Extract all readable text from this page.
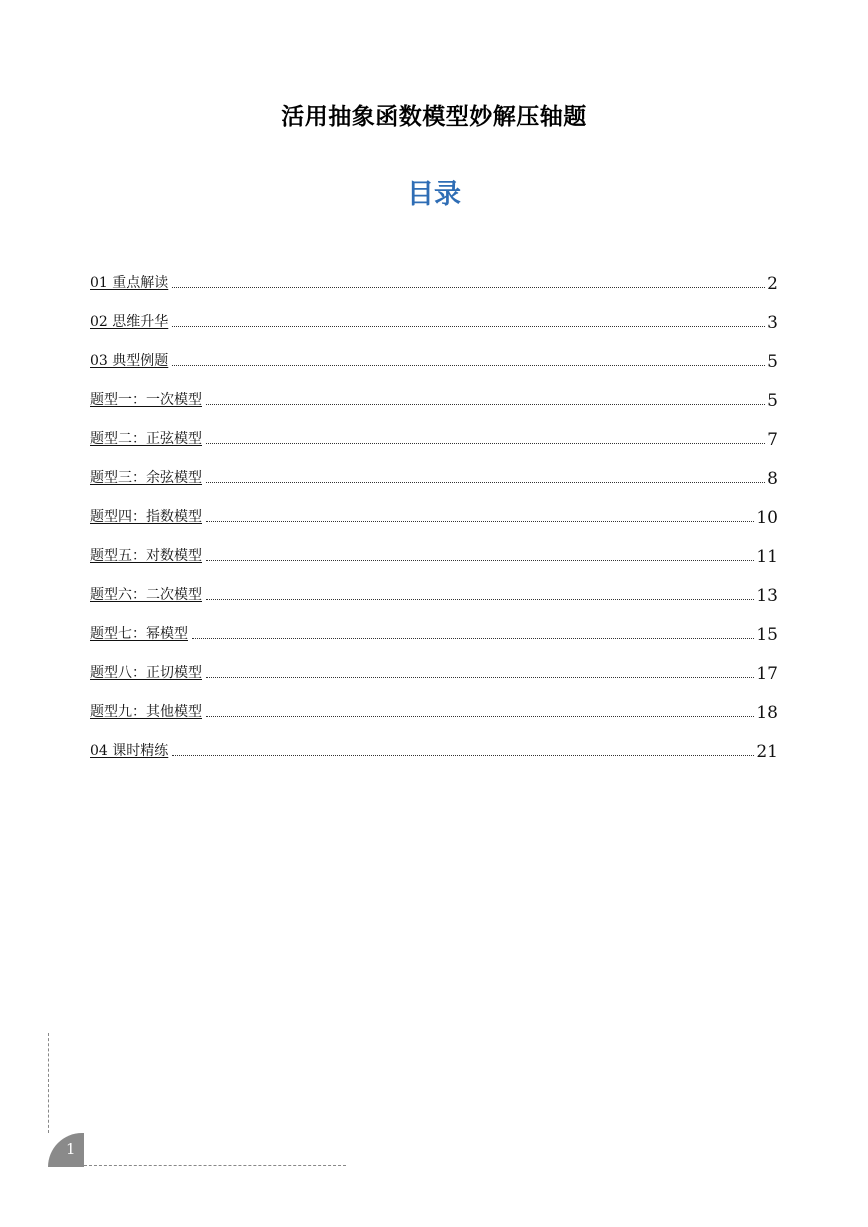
活用抽象函数模型妙解压轴题
目录
01 重点解读	2
02 思维升华	3
03 典型例题	5
题型一：一次模型	5
题型二：正弦模型	7
题型三：余弦模型	8
题型四：指数模型	10
题型五：对数模型	11
题型六：二次模型	13
题型七：幂模型	15
题型八：正切模型	17
题型九：其他模型	18
04 课时精练	21
1
